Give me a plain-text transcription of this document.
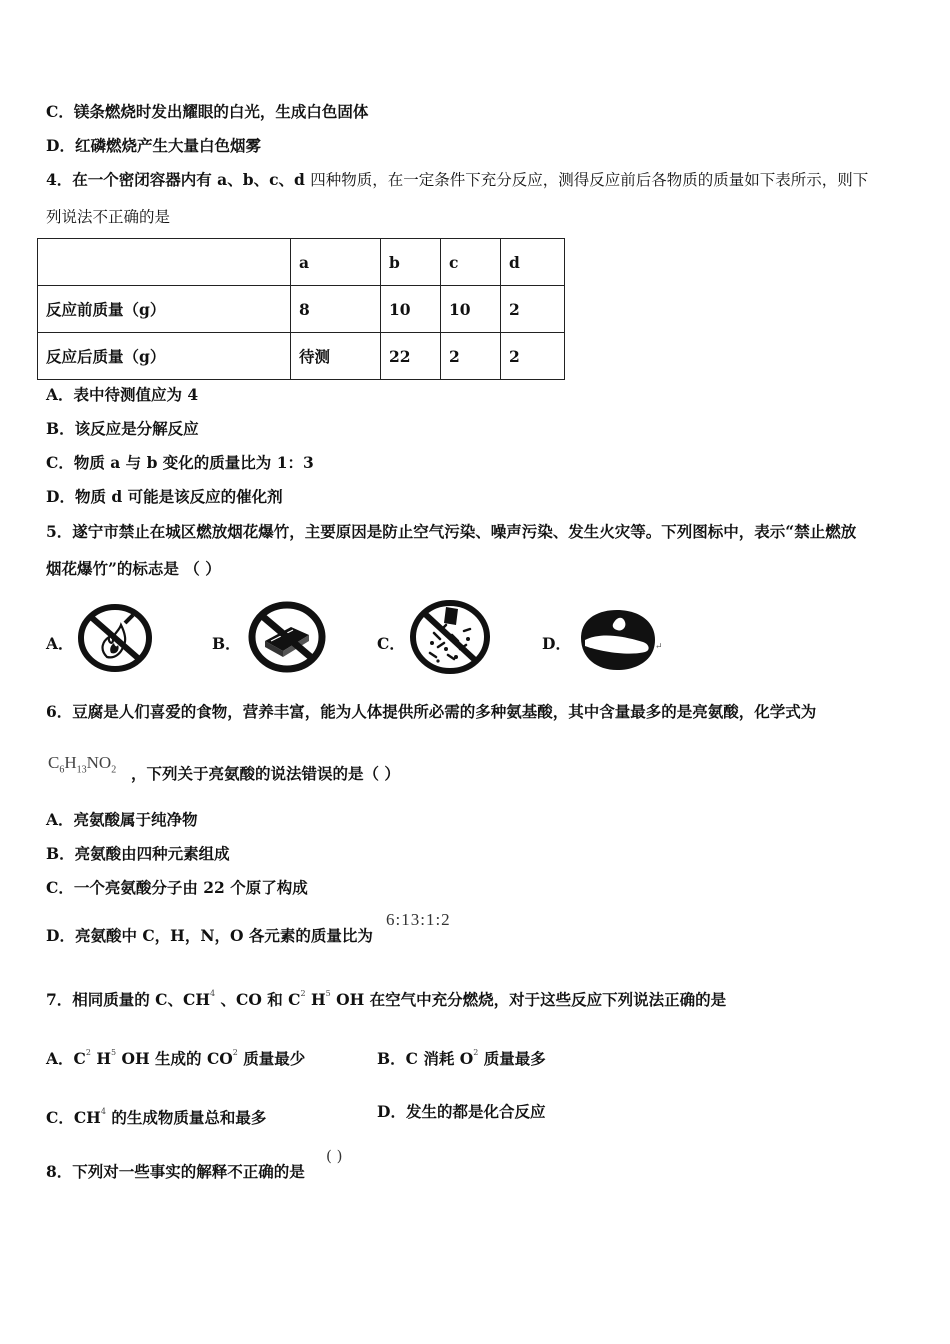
C．镁条燃烧时发出耀眼的白光，生成白色固体
D．红磷燃烧产生大量白色烟雾
4．在一个密闭容器内有 a、b、c、d 四种物质，在一定条件下充分反应，测得反应前后各物质的质量如下表所示，则下
列说法不正确的是
	a	b	c	d
反应前质量（g）	8	10	10	2
反应后质量（g）	待测	22	2	2
A．表中待测值应为 4
B．该反应是分解反应
C．物质 a 与 b 变化的质量比为 1：3
D．物质 d 可能是该反应的催化剂
5．遂宁市禁止在城区燃放烟花爆竹，主要原因是防止空气污染、噪声污染、发生火灾等。下列图标中，表示“禁止燃放
烟花爆竹”的标志是 （ ）
A．	B．	C．	D．	↵
6．豆腐是人们喜爱的食物，营养丰富，能为人体提供所必需的多种氨基酸，其中含量最多的是亮氨酸，化学式为
$C_6H_{13}NO_2$ ，下列关于亮氨酸的说法错误的是（ ）
A．亮氨酸属于纯净物
B．亮氨酸由四种元素组成
C．一个亮氨酸分子由 22 个原了构成
D．亮氨酸中 C，H，N，O 各元素的质量比为
6:13:1:2
7．相同质量的 C、$CH^4$ 、CO 和 $C^2$ $H^5$ OH 在空气中充分燃烧，对于这些反应下列说法正确的是
A．$C^2$ $H^5$ OH 生成的 $CO^2$ 质量最少	B．C 消耗 $O^2$ 质量最多
C．$CH^4$ 的生成物质量总和最多	D．发生的都是化合反应
8．下列对一些事实的解释不正确的是
( )
